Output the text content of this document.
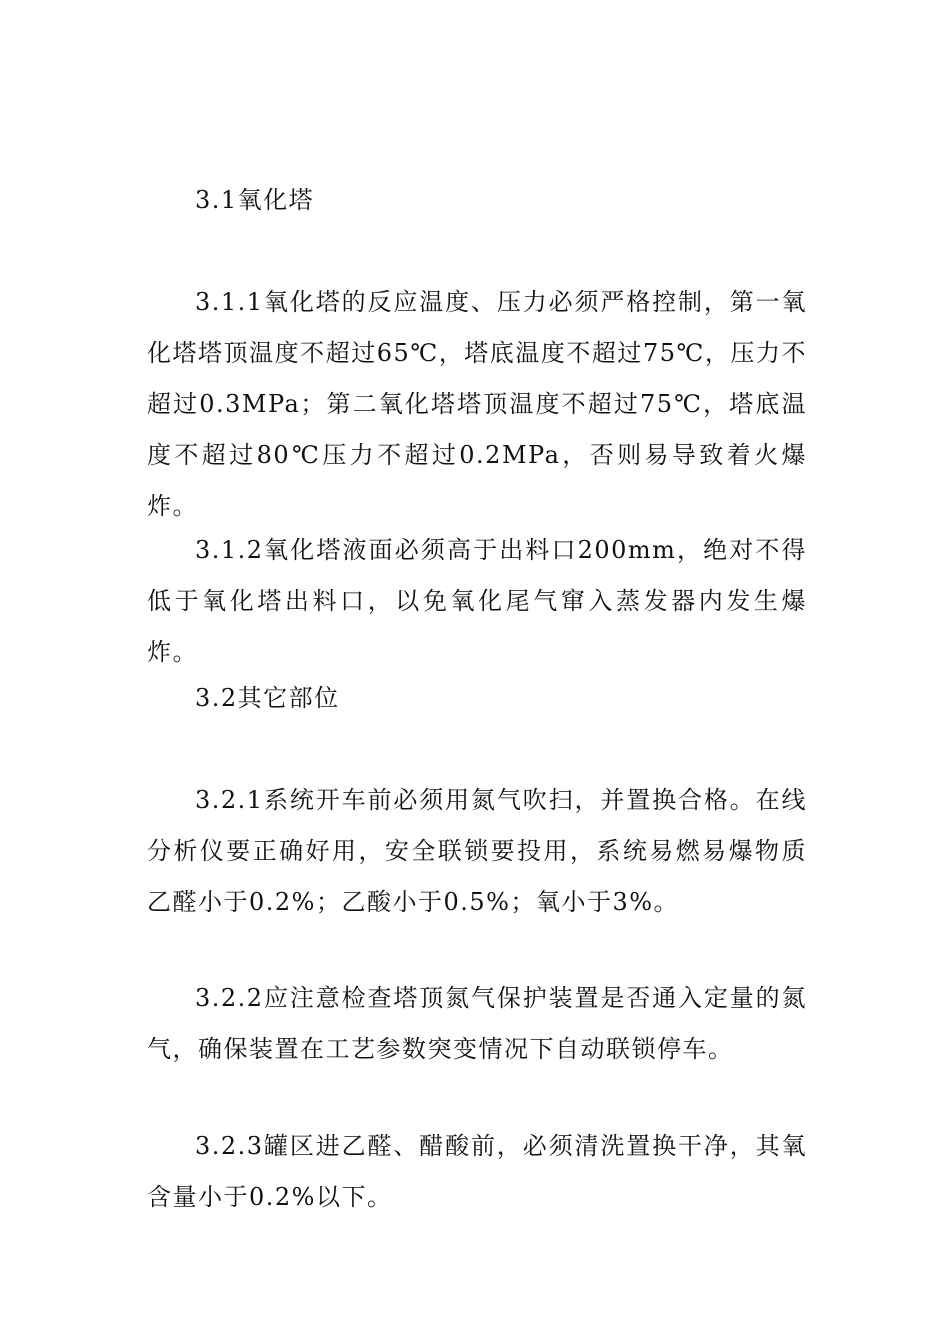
3.1氧化塔

3.1.1氧化塔的反应温度、压力必须严格控制，第一氧化塔塔顶温度不超过65℃，塔底温度不超过75℃，压力不超过0.3MPa；第二氧化塔塔顶温度不超过75℃，塔底温度不超过80℃压力不超过0.2MPa，否则易导致着火爆炸。

3.1.2氧化塔液面必须高于出料口200mm，绝对不得低于氧化塔出料口，以免氧化尾气窜入蒸发器内发生爆炸。

3.2其它部位

3.2.1系统开车前必须用氮气吹扫，并置换合格。在线分析仪要正确好用，安全联锁要投用，系统易燃易爆物质乙醛小于0.2%；乙酸小于0.5%；氧小于3%。

3.2.2应注意检查塔顶氮气保护装置是否通入定量的氮气，确保装置在工艺参数突变情况下自动联锁停车。

3.2.3罐区进乙醛、醋酸前，必须清洗置换干净，其氧含量小于0.2%以下。
